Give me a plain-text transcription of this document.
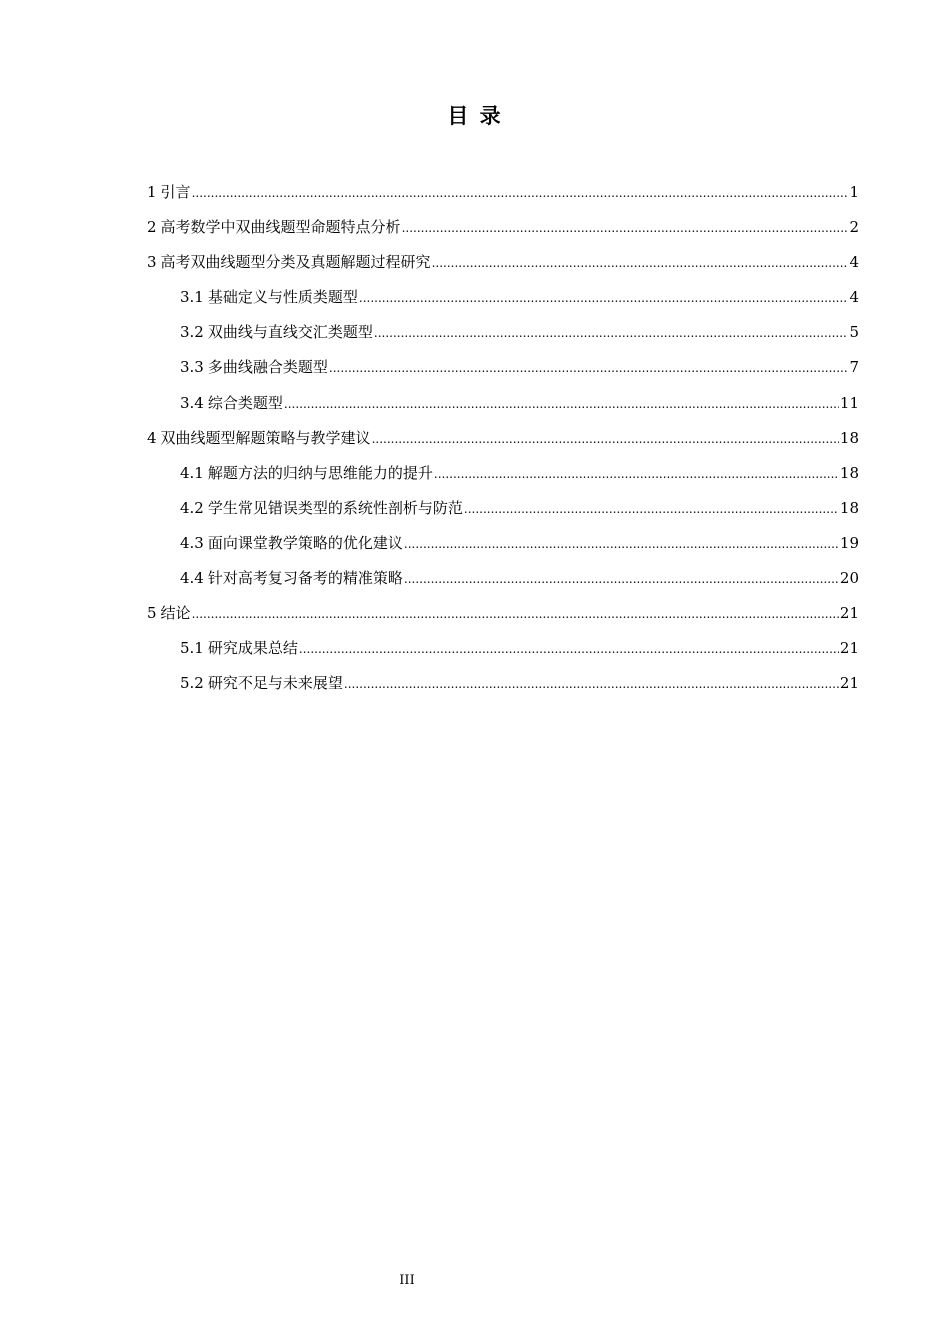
目 录
1 引言 .....	1
2 高考数学中双曲线题型命题特点分析 .....	2
3 高考双曲线题型分类及真题解题过程研究 .....	4
3.1 基础定义与性质类题型 .....	4
3.2 双曲线与直线交汇类题型 .....	5
3.3 多曲线融合类题型 .....	7
3.4 综合类题型 .....	11
4 双曲线题型解题策略与教学建议 .....	18
4.1 解题方法的归纳与思维能力的提升 .....	18
4.2 学生常见错误类型的系统性剖析与防范 .....	18
4.3 面向课堂教学策略的优化建议 .....	19
4.4 针对高考复习备考的精准策略 .....	20
5 结论 .....	21
5.1 研究成果总结 .....	21
5.2 研究不足与未来展望 .....	21
III
